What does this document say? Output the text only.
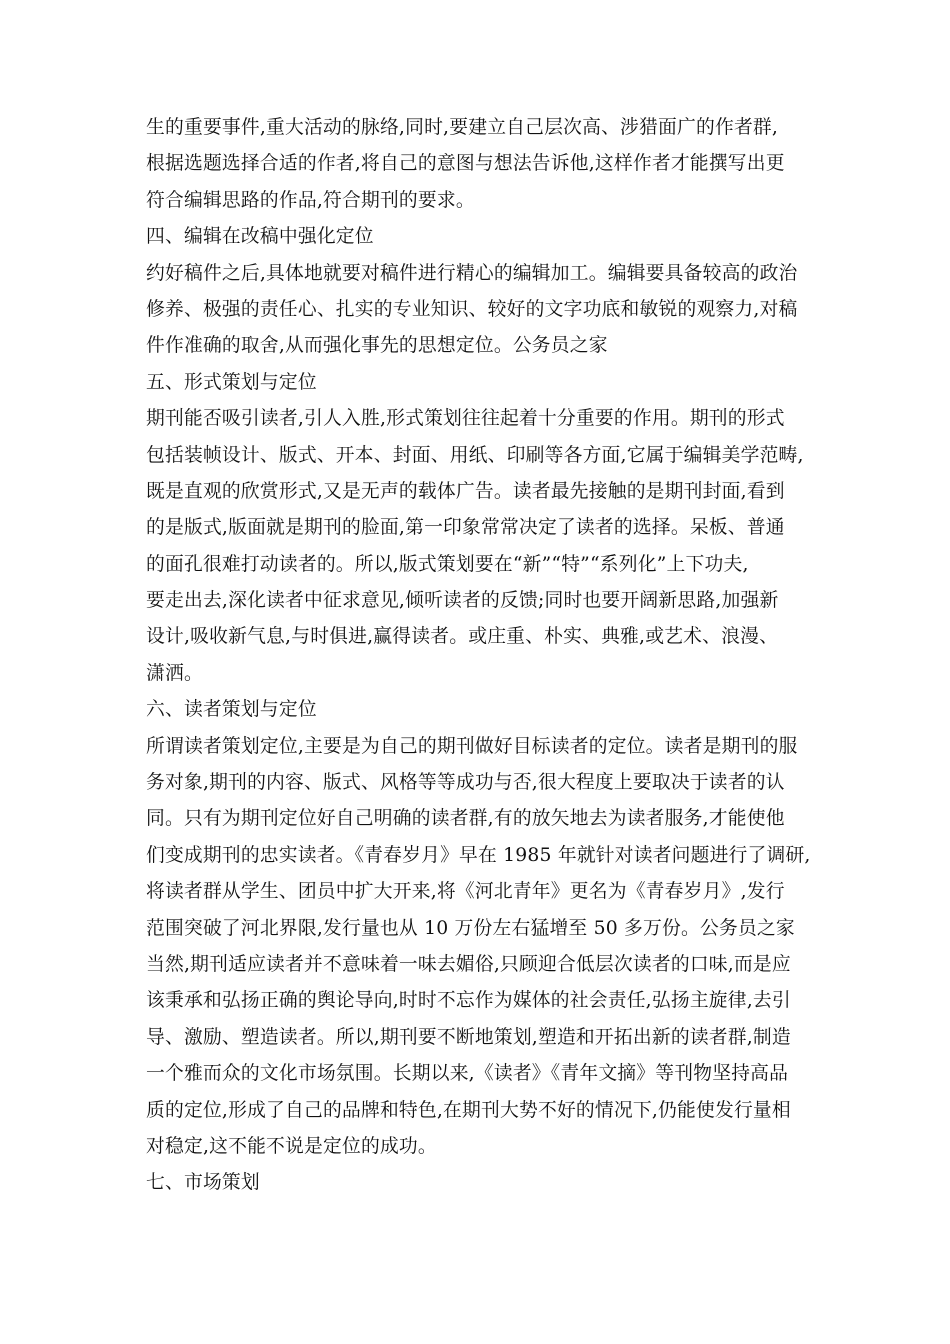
生的重要事件,重大活动的脉络,同时,要建立自己层次高、涉猎面广的作者群,
根据选题选择合适的作者,将自己的意图与想法告诉他,这样作者才能撰写出更
符合编辑思路的作品,符合期刊的要求。
四、编辑在改稿中强化定位
约好稿件之后,具体地就要对稿件进行精心的编辑加工。编辑要具备较高的政治
修养、极强的责任心、扎实的专业知识、较好的文字功底和敏锐的观察力,对稿
件作准确的取舍,从而强化事先的思想定位。公务员之家
五、形式策划与定位
期刊能否吸引读者,引人入胜,形式策划往往起着十分重要的作用。期刊的形式
包括装帧设计、版式、开本、封面、用纸、印刷等各方面,它属于编辑美学范畴,
既是直观的欣赏形式,又是无声的载体广告。读者最先接触的是期刊封面,看到
的是版式,版面就是期刊的脸面,第一印象常常决定了读者的选择。呆板、普通
的面孔很难打动读者的。所以,版式策划要在“新”“特”“系列化”上下功夫,
要走出去,深化读者中征求意见,倾听读者的反馈;同时也要开阔新思路,加强新
设计,吸收新气息,与时俱进,赢得读者。或庄重、朴实、典雅,或艺术、浪漫、
潇洒。
六、读者策划与定位
所谓读者策划定位,主要是为自己的期刊做好目标读者的定位。读者是期刊的服
务对象,期刊的内容、版式、风格等等成功与否,很大程度上要取决于读者的认
同。只有为期刊定位好自己明确的读者群,有的放矢地去为读者服务,才能使他
们变成期刊的忠实读者。《青春岁月》早在 1985 年就针对读者问题进行了调研,
将读者群从学生、团员中扩大开来,将《河北青年》更名为《青春岁月》,发行
范围突破了河北界限,发行量也从 10 万份左右猛增至 50 多万份。公务员之家
当然,期刊适应读者并不意味着一味去媚俗,只顾迎合低层次读者的口味,而是应
该秉承和弘扬正确的舆论导向,时时不忘作为媒体的社会责任,弘扬主旋律,去引
导、激励、塑造读者。所以,期刊要不断地策划,塑造和开拓出新的读者群,制造
一个雅而众的文化市场氛围。长期以来,《读者》《青年文摘》等刊物坚持高品
质的定位,形成了自己的品牌和特色,在期刊大势不好的情况下,仍能使发行量相
对稳定,这不能不说是定位的成功。
七、市场策划
